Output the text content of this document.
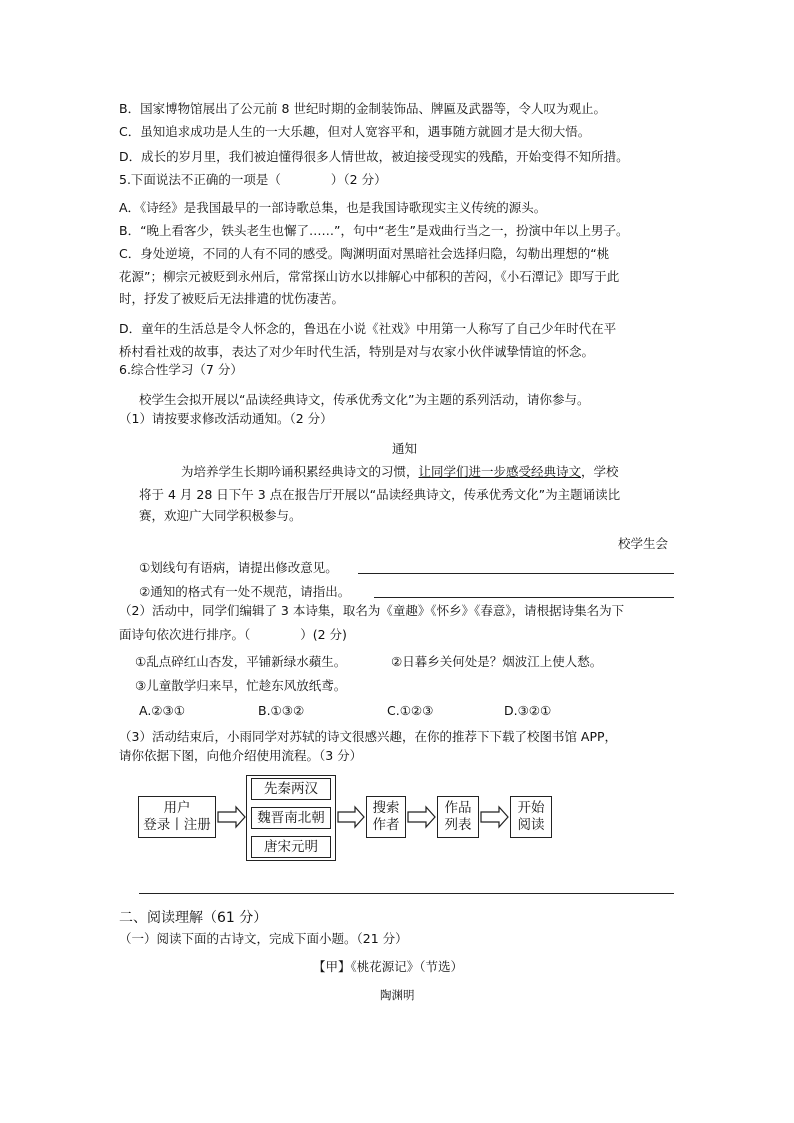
B．国家博物馆展出了公元前 8 世纪时期的金制装饰品、牌匾及武器等，令人叹为观止。
C．虽知追求成功是人生的一大乐趣，但对人宽容平和，遇事随方就圆才是大彻大悟。
D．成长的岁月里，我们被迫懂得很多人情世故，被迫接受现实的残酷，开始变得不知所措。
5.下面说法不正确的一项是（　　　　）（2 分）
A．《诗经》是我国最早的一部诗歌总集，也是我国诗歌现实主义传统的源头。
B．“晚上看客少，铁头老生也懈了……”，句中“老生”是戏曲行当之一，扮演中年以上男子。
C．身处逆境，不同的人有不同的感受。陶渊明面对黑暗社会选择归隐，勾勒出理想的“桃
花源”；柳宗元被贬到永州后，常常探山访水以排解心中郁积的苦闷，《小石潭记》即写于此
时，抒发了被贬后无法排遣的忧伤凄苦。
D．童年的生活总是令人怀念的，鲁迅在小说《社戏》中用第一人称写了自己少年时代在平
桥村看社戏的故事，表达了对少年时代生活，特别是对与农家小伙伴诚挚情谊的怀念。
6.综合性学习（7 分）
校学生会拟开展以“品读经典诗文，传承优秀文化”为主题的系列活动，请你参与。
（1）请按要求修改活动通知。（2 分）
通知
为培养学生长期吟诵积累经典诗文的习惯，让同学们进一步感受经典诗文，学校
将于 4 月 28 日下午 3 点在报告厅开展以“品读经典诗文，传承优秀文化”为主题诵读比
赛，欢迎广大同学积极参与。
校学生会
①划线句有语病，请提出修改意见。
②通知的格式有一处不规范，请指出。
（2）活动中，同学们编辑了 3 本诗集，取名为《童趣》《怀乡》《春意》，请根据诗集名为下
面诗句依次进行排序。（　　　　）(2 分)
①乱点碎红山杏发，平铺新绿水蘋生。	②日暮乡关何处是？烟波江上使人愁。
③儿童散学归来早，忙趁东风放纸鸢。
A.②③①	B.①③②	C.①②③	D.③②①
（3）活动结束后，小雨同学对苏轼的诗文很感兴趣，在你的推荐下下载了校图书馆 APP，
请你依据下图，向他介绍使用流程。（3 分）
用户
登录丨注册
先秦两汉
魏晋南北朝
唐宋元明
搜索
作者
作品
列表
开始
阅读
二、阅读理解（61 分）
（一）阅读下面的古诗文，完成下面小题。（21 分）
【甲】《桃花源记》（节选）
陶渊明
